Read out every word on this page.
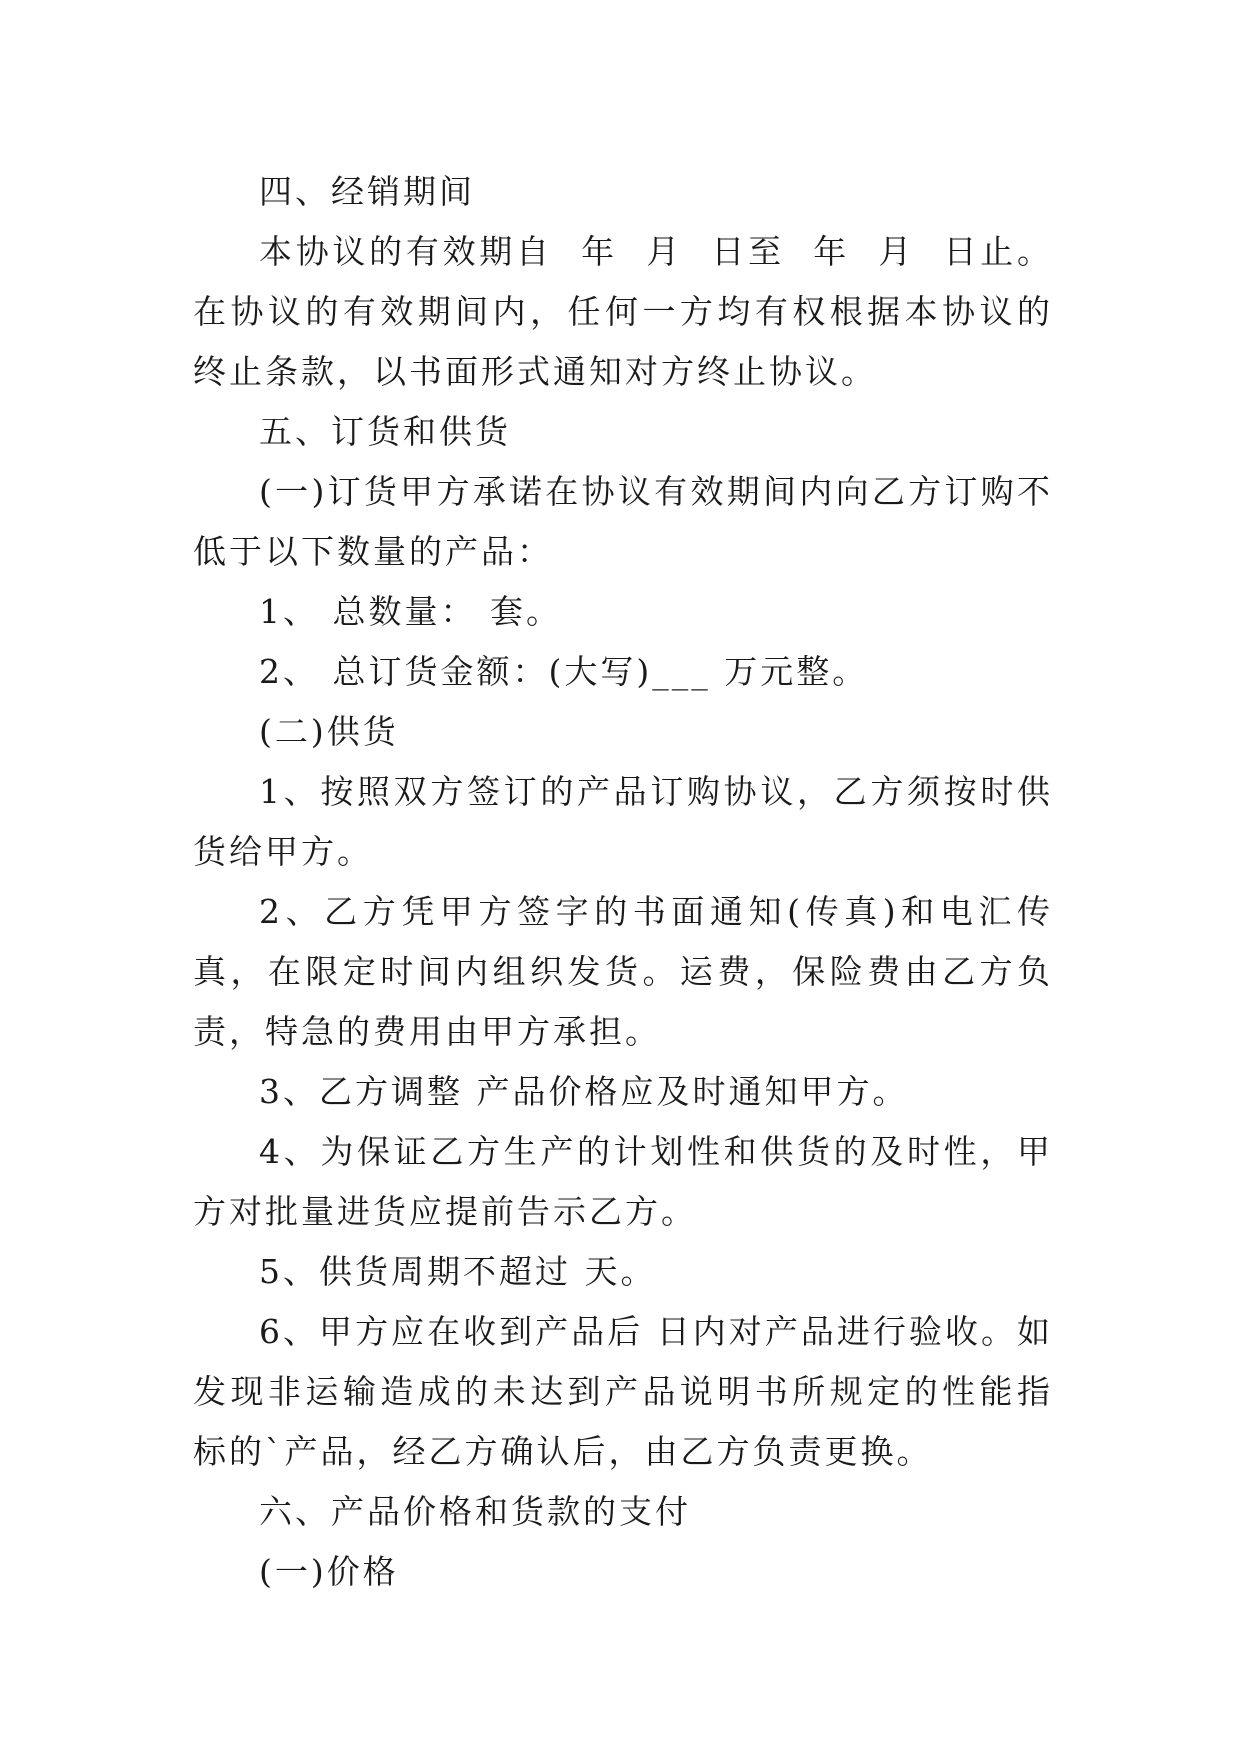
四、经销期间

本协议的有效期自  年  月  日至  年  月  日止。在协议的有效期间内，任何一方均有权根据本协议的终止条款，以书面形式通知对方终止协议。

五、订货和供货

(一)订货甲方承诺在协议有效期间内向乙方订购不低于以下数量的产品：

1、 总数量： 套。

2、 总订货金额：(大写)___ 万元整。

(二)供货

1、按照双方签订的产品订购协议，乙方须按时供货给甲方。

2、乙方凭甲方签字的书面通知(传真)和电汇传真，在限定时间内组织发货。运费，保险费由乙方负责，特急的费用由甲方承担。

3、乙方调整 产品价格应及时通知甲方。

4、为保证乙方生产的计划性和供货的及时性，甲方对批量进货应提前告示乙方。

5、供货周期不超过 天。

6、甲方应在收到产品后 日内对产品进行验收。如发现非运输造成的未达到产品说明书所规定的性能指标的`产品，经乙方确认后，由乙方负责更换。

六、产品价格和货款的支付

(一)价格
